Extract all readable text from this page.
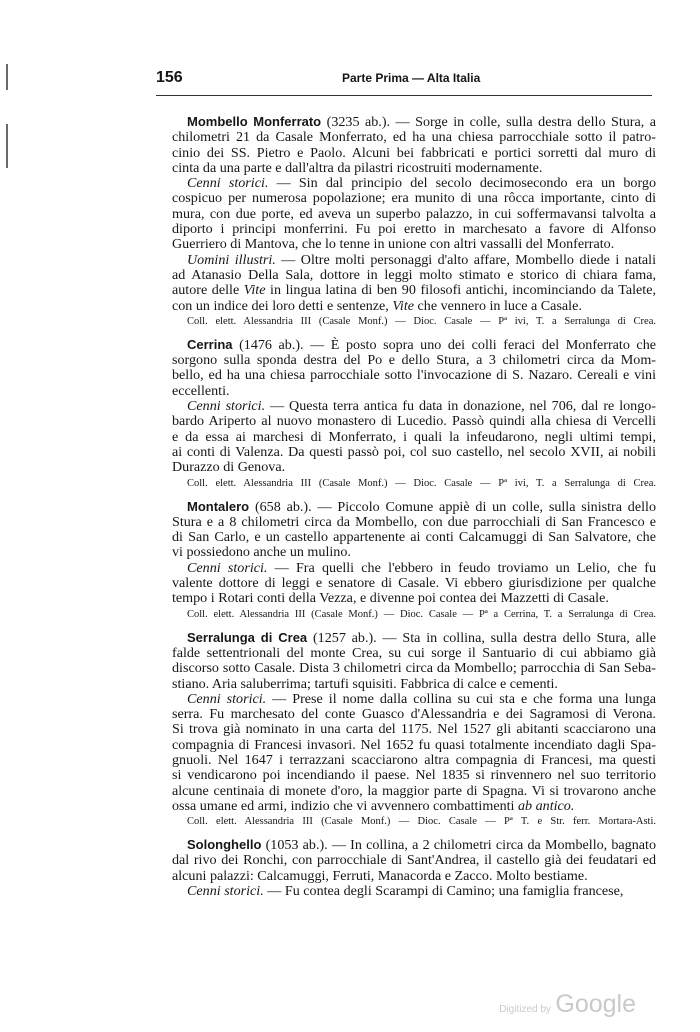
156	Parte Prima — Alta Italia
Mombello Monferrato (3235 ab.). — Sorge in colle, sulla destra dello Stura, a
chilometri 21 da Casale Monferrato, ed ha una chiesa parrocchiale sotto il patro-
cinio dei SS. Pietro e Paolo. Alcuni bei fabbricati e portici sorretti dal muro di
cinta da una parte e dall'altra da pilastri ricostruiti modernamente.
Cenni storici. — Sin dal principio del secolo decimosecondo era un borgo
cospicuo per numerosa popolazione; era munito di una rôcca importante, cinto di
mura, con due porte, ed aveva un superbo palazzo, in cui soffermavansi talvolta a
diporto i principi monferrini. Fu poi eretto in marchesato a favore di Alfonso
Guerriero di Mantova, che lo tenne in unione con altri vassalli del Monferrato.
Uomini illustri. — Oltre molti personaggi d'alto affare, Mombello diede i natali
ad Atanasio Della Sala, dottore in leggi molto stimato e storico di chiara fama,
autore delle Vite in lingua latina di ben 90 filosofi antichi, incominciando da Talete,
con un indice dei loro detti e sentenze, Vite che vennero in luce a Casale.
Coll. elett. Alessandria III (Casale Monf.) — Dioc. Casale — Pª ivi, T. a Serralunga di Crea.
Cerrina (1476 ab.). — È posto sopra uno dei colli feraci del Monferrato che
sorgono sulla sponda destra del Po e dello Stura, a 3 chilometri circa da Mom-
bello, ed ha una chiesa parrocchiale sotto l'invocazione di S. Nazaro. Cereali e vini
eccellenti.
Cenni storici. — Questa terra antica fu data in donazione, nel 706, dal re longo-
bardo Ariperto al nuovo monastero di Lucedio. Passò quindi alla chiesa di Vercelli
e da essa ai marchesi di Monferrato, i quali la infeudarono, negli ultimi tempi,
ai conti di Valenza. Da questi passò poi, col suo castello, nel secolo XVII, ai nobili
Durazzo di Genova.
Coll. elett. Alessandria III (Casale Monf.) — Dioc. Casale — Pª ivi, T. a Serralunga di Crea.
Montalero (658 ab.). — Piccolo Comune appiè di un colle, sulla sinistra dello
Stura e a 8 chilometri circa da Mombello, con due parrocchiali di San Francesco e
di San Carlo, e un castello appartenente ai conti Calcamuggi di San Salvatore, che
vi possiedono anche un mulino.
Cenni storici. — Fra quelli che l'ebbero in feudo troviamo un Lelio, che fu
valente dottore di leggi e senatore di Casale. Vi ebbero giurisdizione per qualche
tempo i Rotari conti della Vezza, e divenne poi contea dei Mazzetti di Casale.
Coll. elett. Alessandria III (Casale Monf.) — Dioc. Casale — Pª a Cerrina, T. a Serralunga di Crea.
Serralunga di Crea (1257 ab.). — Sta in collina, sulla destra dello Stura, alle
falde settentrionali del monte Crea, su cui sorge il Santuario di cui abbiamo già
discorso sotto Casale. Dista 3 chilometri circa da Mombello; parrocchia di San Seba-
stiano. Aria saluberrima; tartufi squisiti. Fabbrica di calce e cementi.
Cenni storici. — Prese il nome dalla collina su cui sta e che forma una lunga
serra. Fu marchesato del conte Guasco d'Alessandria e dei Sagramosi di Verona.
Si trova già nominato in una carta del 1175. Nel 1527 gli abitanti scacciarono una
compagnia di Francesi invasori. Nel 1652 fu quasi totalmente incendiato dagli Spa-
gnuoli. Nel 1647 i terrazzani scacciarono altra compagnia di Francesi, ma questi
si vendicarono poi incendiando il paese. Nel 1835 si rinvennero nel suo territorio
alcune centinaia di monete d'oro, la maggior parte di Spagna. Vi si trovarono anche
ossa umane ed armi, indizio che vi avvennero combattimenti ab antico.
Coll. elett. Alessandria III (Casale Monf.) — Dioc. Casale — Pª T. e Str. ferr. Mortara-Asti.
Solonghello (1053 ab.). — In collina, a 2 chilometri circa da Mombello, bagnato
dal rivo dei Ronchi, con parrocchiale di Sant'Andrea, il castello già dei feudatari ed
alcuni palazzi: Calcamuggi, Ferruti, Manacorda e Zacco. Molto bestiame.
Cenni storici. — Fu contea degli Scarampi di Camino; una famiglia francese,
Digitized by Google
